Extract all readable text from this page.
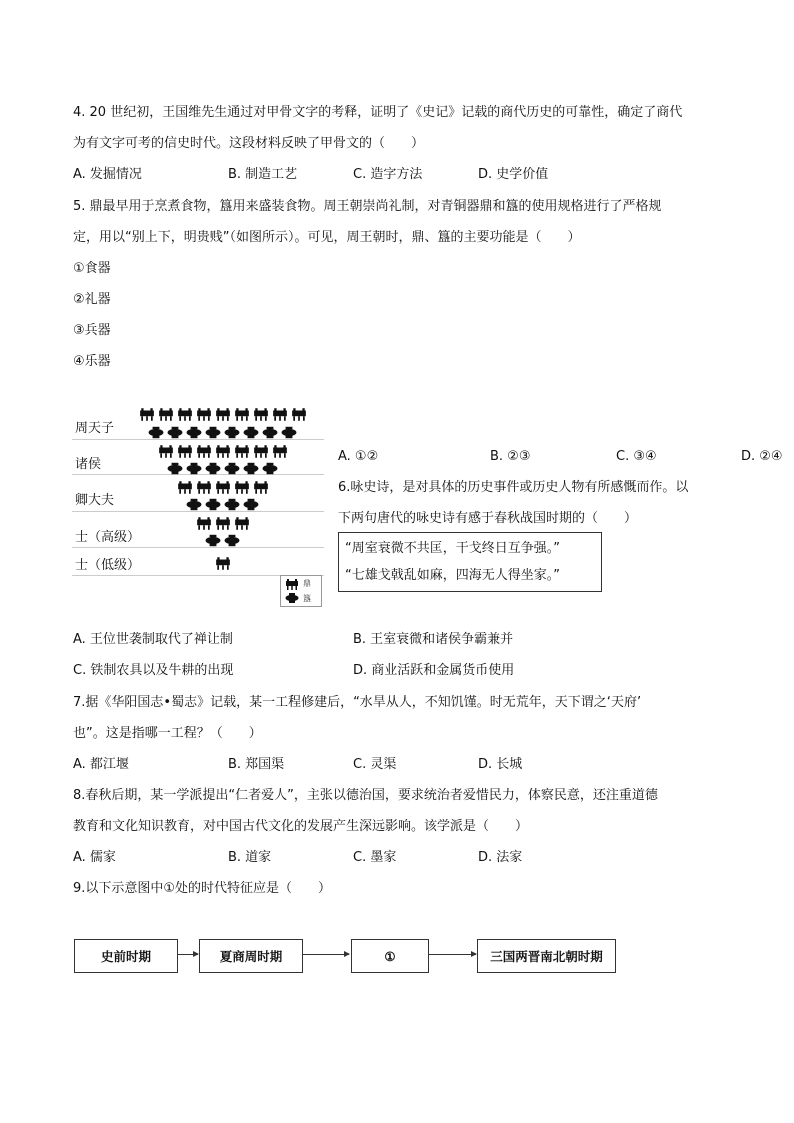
4. 20 世纪初，王国维先生通过对甲骨文字的考释，证明了《史记》记载的商代历史的可靠性，确定了商代
为有文字可考的信史时代。这段材料反映了甲骨文的（　　）
A. 发掘情况	B. 制造工艺	C. 造字方法	D. 史学价值
5. 鼎最早用于烹煮食物，簋用来盛装食物。周王朝崇尚礼制，对青铜器鼎和簋的使用规格进行了严格规
定，用以“别上下，明贵贱”（如图所示）。可见，周王朝时，鼎、簋的主要功能是（　　）
①食器
②礼器
③兵器
④乐器
周天子
诸侯
卿大夫
士（高级）
士（低级）
鼎
簋
A. ①②	B. ②③	C. ③④	D. ②④
6.咏史诗，是对具体的历史事件或历史人物有所感慨而作。以
下两句唐代的咏史诗有感于春秋战国时期的（　　）
“周室衰微不共匡，干戈终日互争强。”
“七雄戈戟乱如麻，四海无人得坐家。”
A. 王位世袭制取代了禅让制	B. 王室衰微和诸侯争霸兼并
C. 铁制农具以及牛耕的出现	D. 商业活跃和金属货币使用
7.据《华阳国志•蜀志》记载，某一工程修建后，“水旱从人，不知饥馑。时无荒年，天下谓之‘天府’
也”。这是指哪一工程？（　　）
A. 都江堰	B. 郑国渠	C. 灵渠	D. 长城
8.春秋后期，某一学派提出“仁者爱人”，主张以德治国，要求统治者爱惜民力，体察民意，还注重道德
教育和文化知识教育，对中国古代文化的发展产生深远影响。该学派是（　　）
A. 儒家	B. 道家	C. 墨家	D. 法家
9.以下示意图中①处的时代特征应是（　　）
史前时期	夏商周时期	①	三国两晋南北朝时期
